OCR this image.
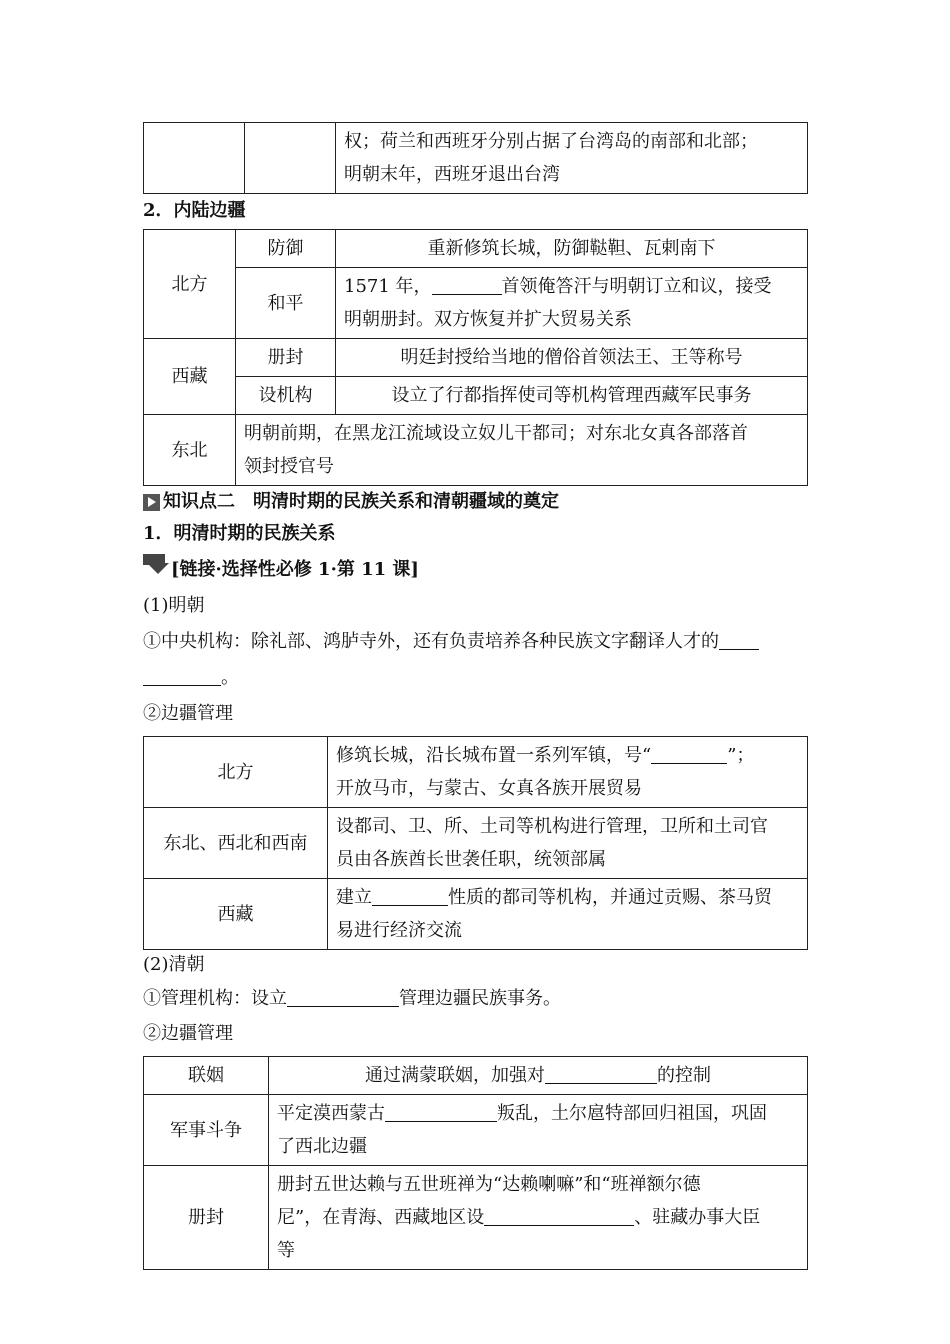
权；荷兰和西班牙分别占据了台湾岛的南部和北部；
明朝末年，西班牙退出台湾
2．内陆边疆
北方	防御	重新修筑长城，防御鞑靼、瓦剌南下
	和平	1571 年， 首领俺答汗与明朝订立和议，接受
明朝册封。双方恢复并扩大贸易关系

西藏	册封	明廷封授给当地的僧俗首领法王、王等称号
	设机构	设立了行都指挥使司等机构管理西藏军民事务
东北	明朝前期，在黑龙江流域设立奴儿干都司；对东北女真各部落首
领封授官号	
知识点二　明清时期的民族关系和清朝疆域的奠定
1．明清时期的民族关系
[链接·选择性必修 1·第 11 课]
(1)明朝
①中央机构：除礼部、鸿胪寺外，还有负责培养各种民族文字翻译人才的
。
②边疆管理
北方	修筑长城，沿长城布置一系列军镇，号“ ”；
开放马市，与蒙古、女真各族开展贸易

东北、西北和西南	设都司、卫、所、土司等机构进行管理，卫所和土司官
员由各族酋长世袭任职，统领部属

西藏	建立 性质的都司等机构，并通过贡赐、茶马贸
易进行经济交流
(2)清朝
①管理机构：设立	管理边疆民族事务。
②边疆管理
联姻	通过满蒙联姻，加强对 的控制
军事斗争	平定漠西蒙古 叛乱，土尔扈特部回归祖国，巩固
了西北边疆

册封	册封五世达赖与五世班禅为“达赖喇嘛”和“班禅额尔德
尼”，在青海、西藏地区设 、驻藏办事大臣
等
